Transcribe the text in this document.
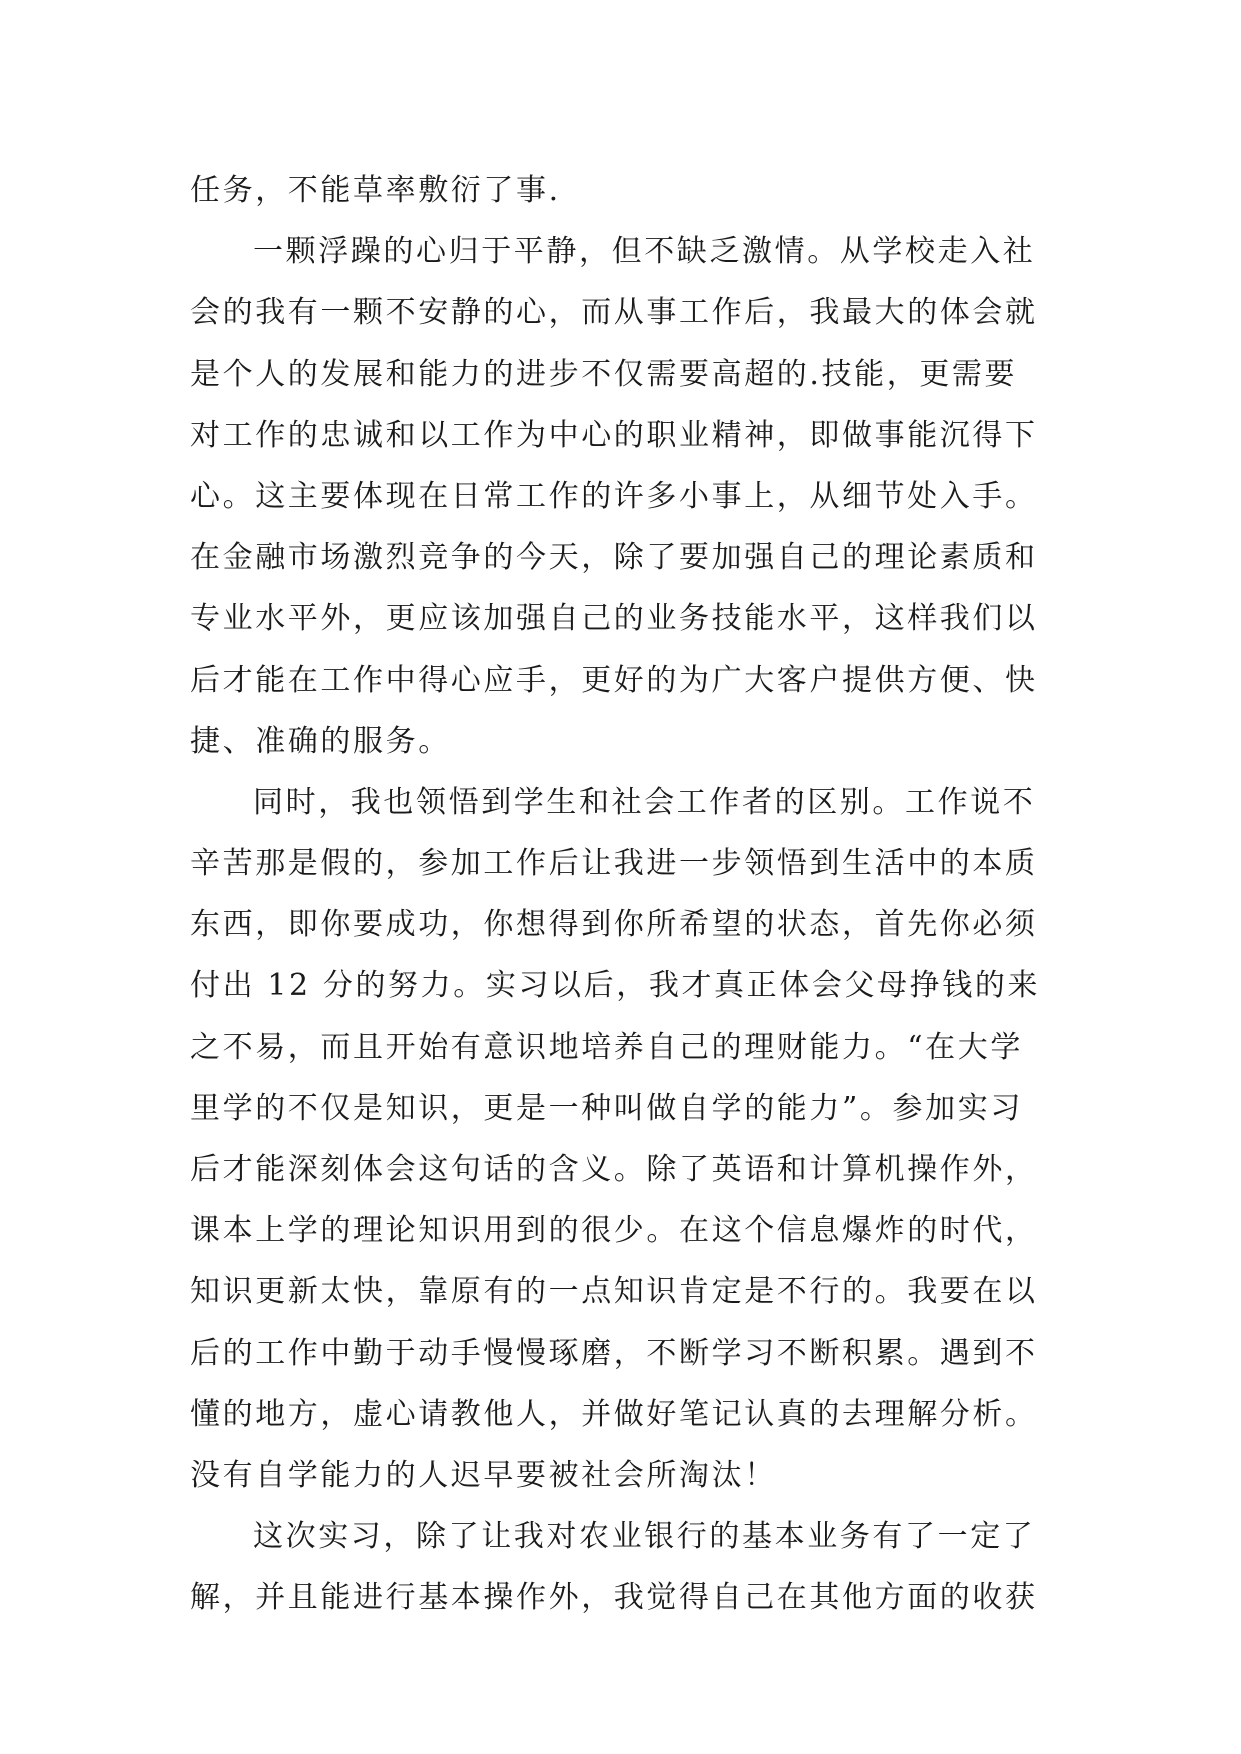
任务，不能草率敷衍了事.
一颗浮躁的心归于平静，但不缺乏激情。从学校走入社
会的我有一颗不安静的心，而从事工作后，我最大的体会就
是个人的发展和能力的进步不仅需要高超的.技能，更需要
对工作的忠诚和以工作为中心的职业精神，即做事能沉得下
心。这主要体现在日常工作的许多小事上，从细节处入手。
在金融市场激烈竞争的今天，除了要加强自己的理论素质和
专业水平外，更应该加强自己的业务技能水平，这样我们以
后才能在工作中得心应手，更好的为广大客户提供方便、快
捷、准确的服务。
同时，我也领悟到学生和社会工作者的区别。工作说不
辛苦那是假的，参加工作后让我进一步领悟到生活中的本质
东西，即你要成功，你想得到你所希望的状态，首先你必须
付出 12 分的努力。实习以后，我才真正体会父母挣钱的来
之不易，而且开始有意识地培养自己的理财能力。“在大学
里学的不仅是知识，更是一种叫做自学的能力”。参加实习
后才能深刻体会这句话的含义。除了英语和计算机操作外，
课本上学的理论知识用到的很少。在这个信息爆炸的时代，
知识更新太快，靠原有的一点知识肯定是不行的。我要在以
后的工作中勤于动手慢慢琢磨，不断学习不断积累。遇到不
懂的地方，虚心请教他人，并做好笔记认真的去理解分析。
没有自学能力的人迟早要被社会所淘汰！
这次实习，除了让我对农业银行的基本业务有了一定了
解，并且能进行基本操作外，我觉得自己在其他方面的收获
